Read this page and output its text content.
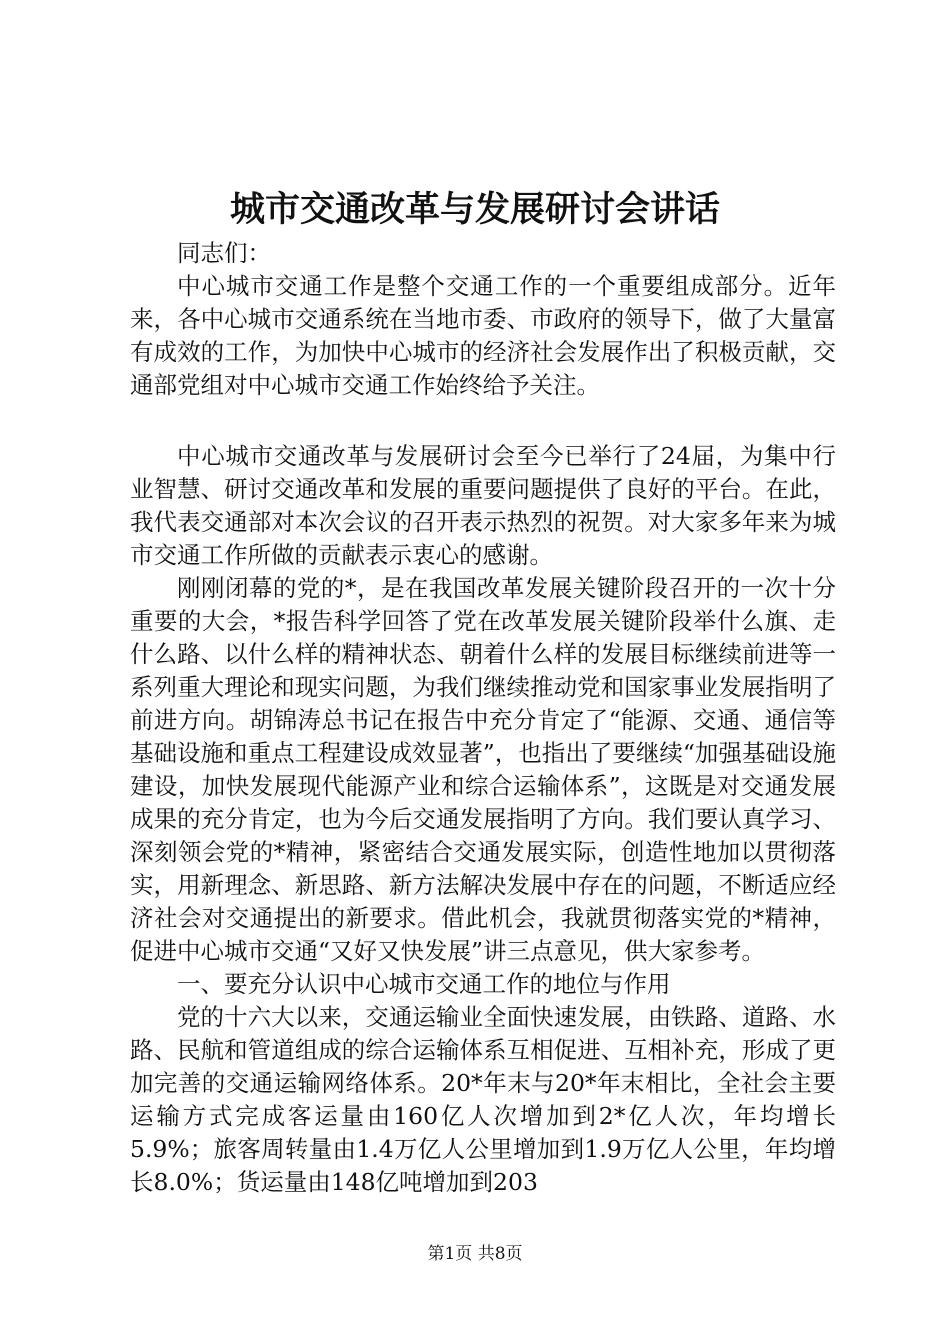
城市交通改革与发展研讨会讲话

同志们：

中心城市交通工作是整个交通工作的一个重要组成部分。近年来，各中心城市交通系统在当地市委、市政府的领导下，做了大量富有成效的工作，为加快中心城市的经济社会发展作出了积极贡献，交通部党组对中心城市交通工作始终给予关注。

中心城市交通改革与发展研讨会至今已举行了24届，为集中行业智慧、研讨交通改革和发展的重要问题提供了良好的平台。在此，我代表交通部对本次会议的召开表示热烈的祝贺。对大家多年来为城市交通工作所做的贡献表示衷心的感谢。

刚刚闭幕的党的*，是在我国改革发展关键阶段召开的一次十分重要的大会，*报告科学回答了党在改革发展关键阶段举什么旗、走什么路、以什么样的精神状态、朝着什么样的发展目标继续前进等一系列重大理论和现实问题，为我们继续推动党和国家事业发展指明了前进方向。胡锦涛总书记在报告中充分肯定了“能源、交通、通信等基础设施和重点工程建设成效显著”，也指出了要继续“加强基础设施建设，加快发展现代能源产业和综合运输体系”，这既是对交通发展成果的充分肯定，也为今后交通发展指明了方向。我们要认真学习、深刻领会党的*精神，紧密结合交通发展实际，创造性地加以贯彻落实，用新理念、新思路、新方法解决发展中存在的问题，不断适应经济社会对交通提出的新要求。借此机会，我就贯彻落实党的*精神，促进中心城市交通“又好又快发展”讲三点意见，供大家参考。

一、要充分认识中心城市交通工作的地位与作用

党的十六大以来，交通运输业全面快速发展，由铁路、道路、水路、民航和管道组成的综合运输体系互相促进、互相补充，形成了更加完善的交通运输网络体系。20*年末与20*年末相比，全社会主要运输方式完成客运量由160亿人次增加到2*亿人次，年均增长5.9%；旅客周转量由1.4万亿人公里增加到1.9万亿人公里，年均增长8.0%；货运量由148亿吨增加到203

第1页 共8页
